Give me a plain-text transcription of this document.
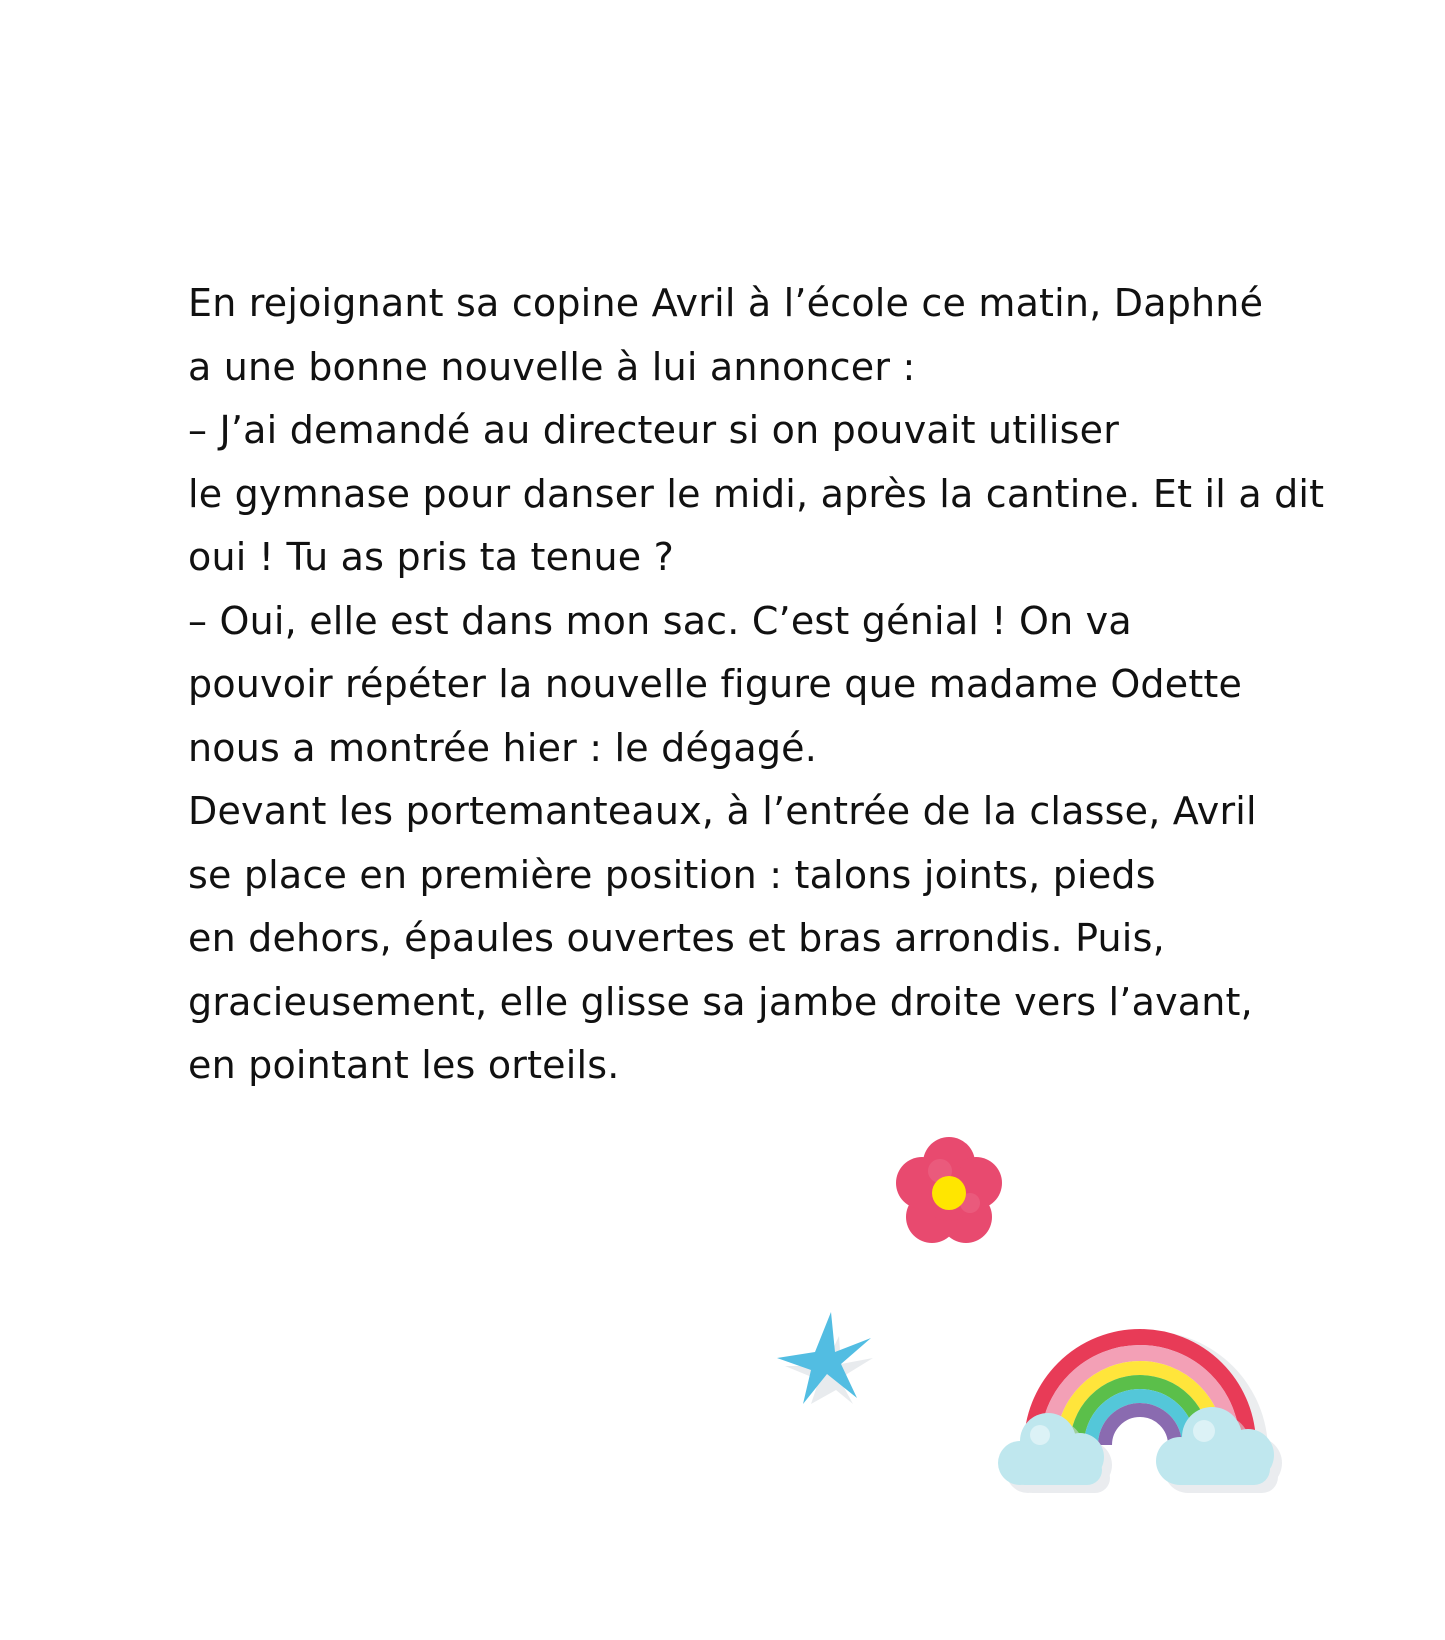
En rejoignant sa copine Avril à l’école ce matin, Daphné
a une bonne nouvelle à lui annoncer :
– J’ai demandé au directeur si on pouvait utiliser
le gymnase pour danser le midi, après la cantine. Et il a dit
oui ! Tu as pris ta tenue ?
– Oui, elle est dans mon sac. C’est génial ! On va
pouvoir répéter la nouvelle figure que madame Odette
nous a montrée hier : le dégagé.
Devant les portemanteaux, à l’entrée de la classe, Avril
se place en première position : talons joints, pieds
en dehors, épaules ouvertes et bras arrondis. Puis,
gracieusement, elle glisse sa jambe droite vers l’avant,
en pointant les orteils.
